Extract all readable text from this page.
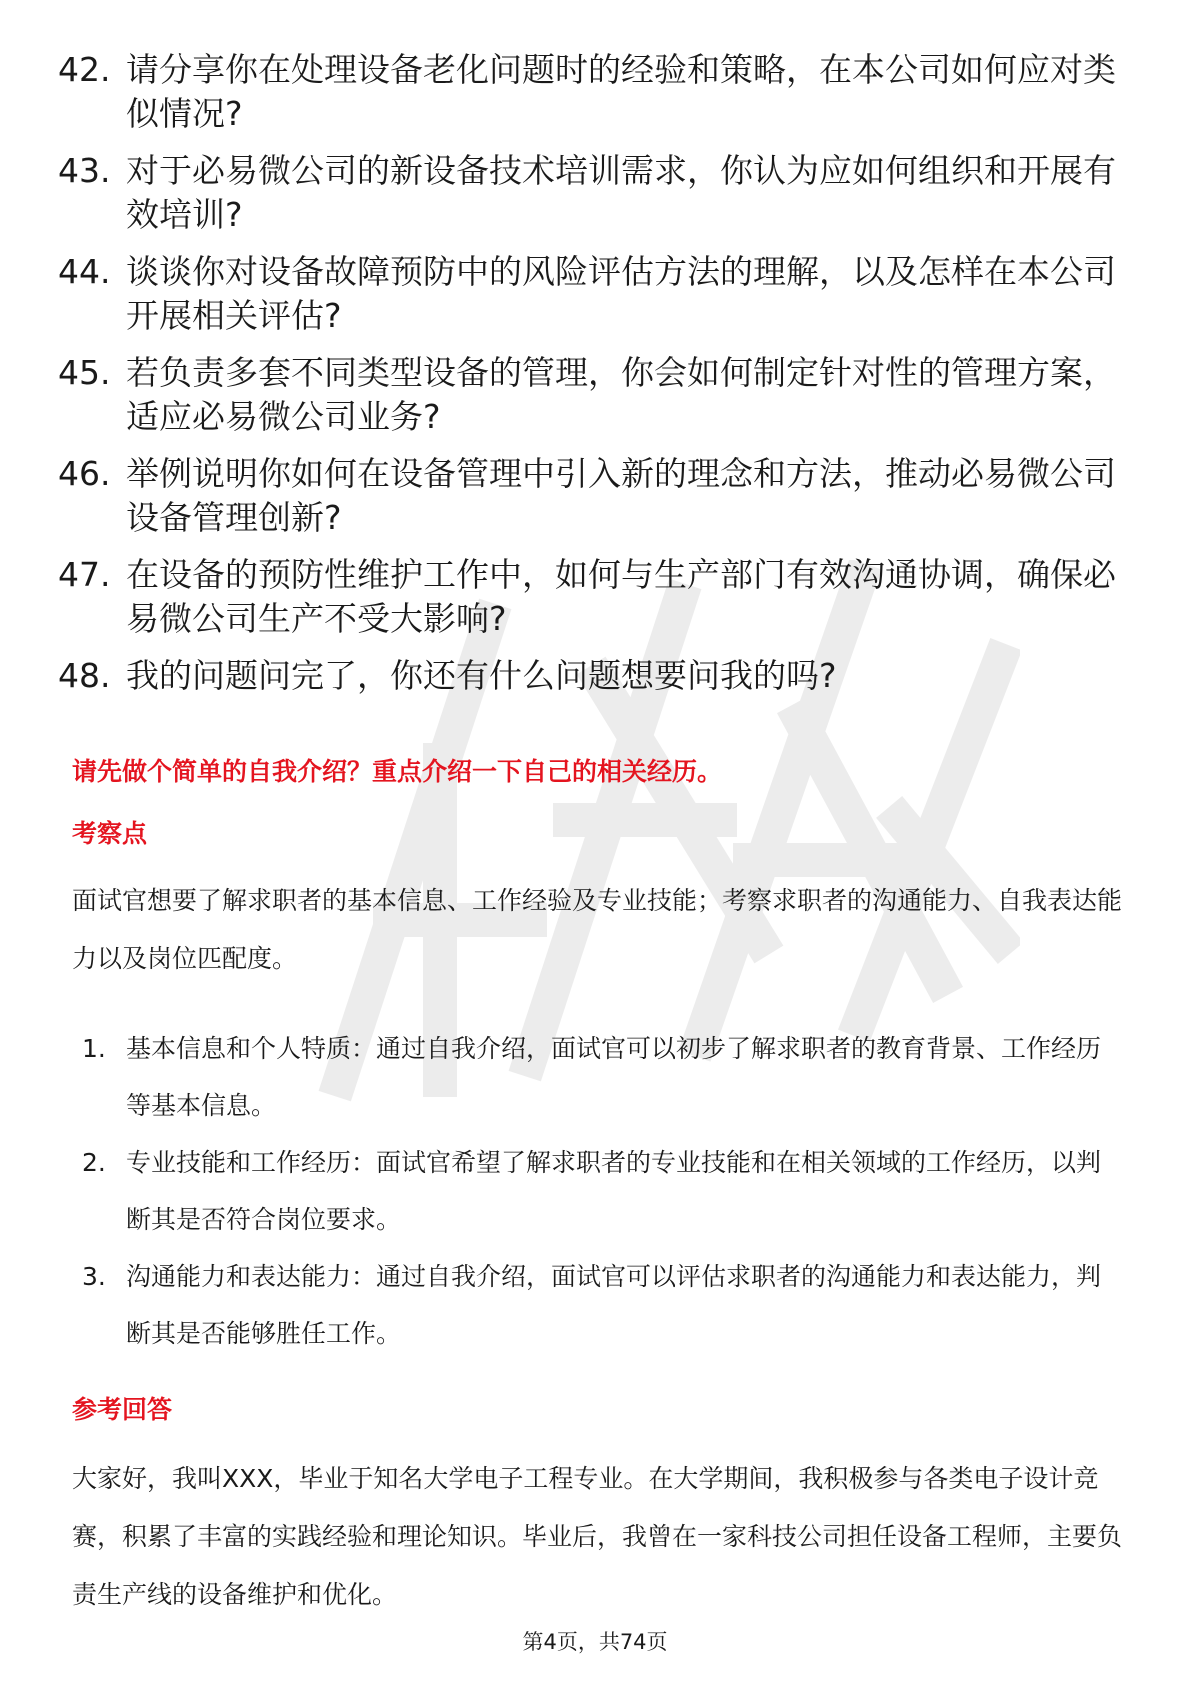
42. 请分享你在处理设备老化问题时的经验和策略，在本公司如何应对类似情况?
43. 对于必易微公司的新设备技术培训需求，你认为应如何组织和开展有效培训?
44. 谈谈你对设备故障预防中的风险评估方法的理解，以及怎样在本公司开展相关评估?
45. 若负责多套不同类型设备的管理，你会如何制定针对性的管理方案，适应必易微公司业务?
46. 举例说明你如何在设备管理中引入新的理念和方法，推动必易微公司设备管理创新?
47. 在设备的预防性维护工作中，如何与生产部门有效沟通协调，确保必易微公司生产不受大影响?
48. 我的问题问完了，你还有什么问题想要问我的吗?
请先做个简单的自我介绍？重点介绍一下自己的相关经历。
考察点
面试官想要了解求职者的基本信息、工作经验及专业技能；考察求职者的沟通能力、自我表达能力以及岗位匹配度。
1. 基本信息和个人特质：通过自我介绍，面试官可以初步了解求职者的教育背景、工作经历等基本信息。
2. 专业技能和工作经历：面试官希望了解求职者的专业技能和在相关领域的工作经历，以判断其是否符合岗位要求。
3. 沟通能力和表达能力：通过自我介绍，面试官可以评估求职者的沟通能力和表达能力，判断其是否能够胜任工作。
参考回答
大家好，我叫XXX，毕业于知名大学电子工程专业。在大学期间，我积极参与各类电子设计竞赛，积累了丰富的实践经验和理论知识。毕业后，我曾在一家科技公司担任设备工程师，主要负责生产线的设备维护和优化。
第4页，共74页
